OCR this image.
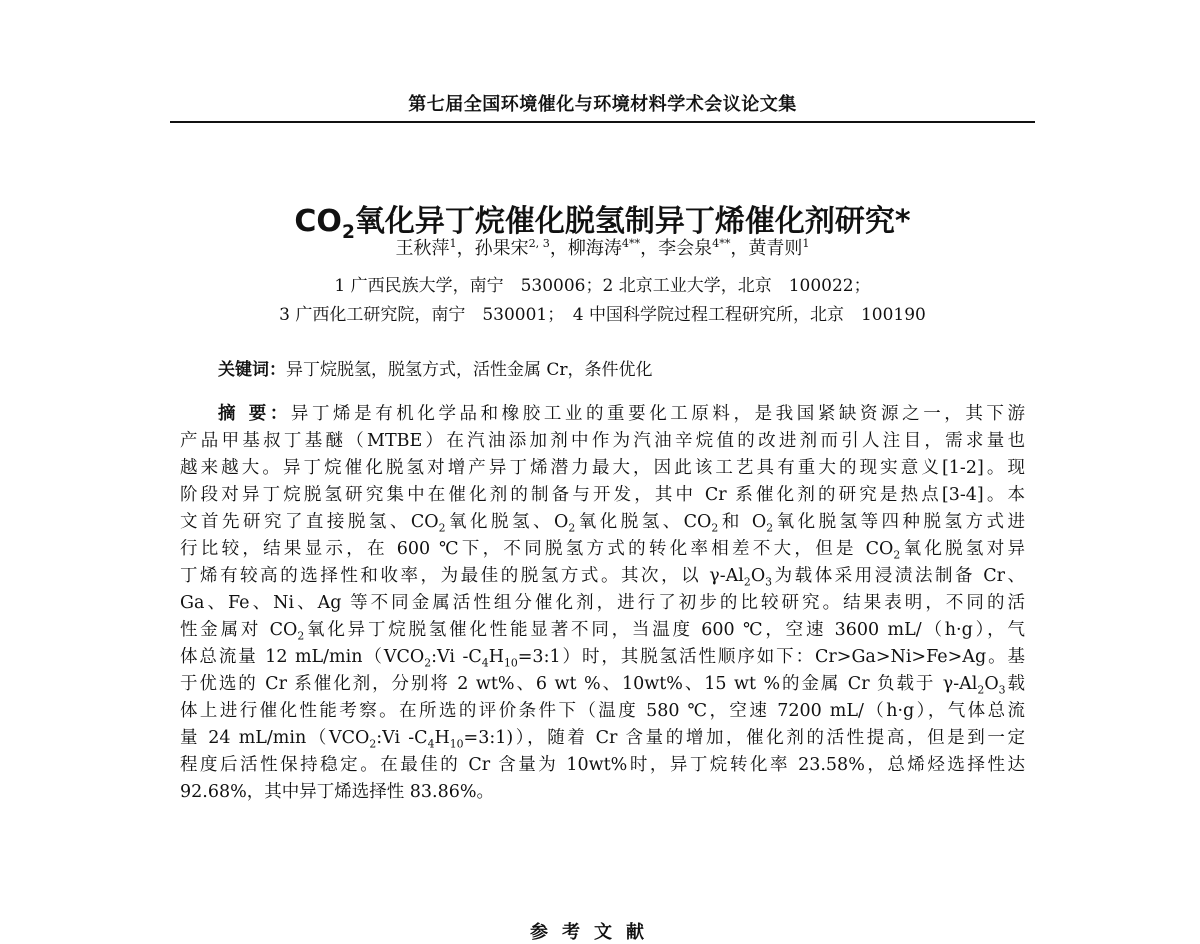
第七届全国环境催化与环境材料学术会议论文集
$CO_2$氧化异丁烷催化脱氢制异丁烯催化剂研究*
王秋萍$^1$，孙果宋$^{2, 3}$，柳海涛$^{4**}$，李会泉$^{4**}$，黄青则$^1$
1 广西民族大学，南宁　530006；2 北京工业大学，北京　100022；
3 广西化工研究院，南宁　530001；　4 中国科学院过程工程研究所，北京　100190
关键词：异丁烷脱氢，脱氢方式，活性金属 Cr，条件优化
摘 要：异丁烯是有机化学品和橡胶工业的重要化工原料，是我国紧缺资源之一，其下游
产品甲基叔丁基醚（MTBE）在汽油添加剂中作为汽油辛烷值的改进剂而引人注目，需求量也
越来越大。异丁烷催化脱氢对增产异丁烯潜力最大，因此该工艺具有重大的现实意义[1-2]。现
阶段对异丁烷脱氢研究集中在催化剂的制备与开发，其中 Cr 系催化剂的研究是热点[3-4]。本
文首先研究了直接脱氢、$CO_2$氧化脱氢、$O_2$氧化脱氢、$CO_2$和 $O_2$氧化脱氢等四种脱氢方式进
行比较，结果显示，在 600 ℃下，不同脱氢方式的转化率相差不大，但是 $CO_2$氧化脱氢对异
丁烯有较高的选择性和收率，为最佳的脱氢方式。其次，以 $\gamma-Al_2O_3$为载体采用浸渍法制备 Cr、
Ga、Fe、Ni、Ag 等不同金属活性组分催化剂，进行了初步的比较研究。结果表明，不同的活
性金属对 $CO_2$氧化异丁烷脱氢催化性能显著不同，当温度 600 ℃，空速 3600 mL/（h·g），气
体总流量 12 $mL/\min(VCO_2:Vi$ $-C_4H_{10}=3:1$）时，其脱氢活性顺序如下：Cr>Ga>Ni>Fe>Ag。基
于优选的 Cr 系催化剂，分别将 2 wt%、6 wt %、10wt%、15 wt %的金属 Cr 负载于 $\gamma-Al_2O_3$载
体上进行催化性能考察。在所选的评价条件下（温度 580 ℃，空速 7200 mL/（h·g），气体总流
量 24 $mL/\min(VCO_2:Vi$ $-C_4H_{10}=3:1$)），随着 Cr 含量的增加，催化剂的活性提高，但是到一定
程度后活性保持稳定。在最佳的 Cr 含量为 10wt%时，异丁烷转化率 23.58%，总烯烃选择性达
92.68%，其中异丁烯选择性 83.86%。
参考文献
